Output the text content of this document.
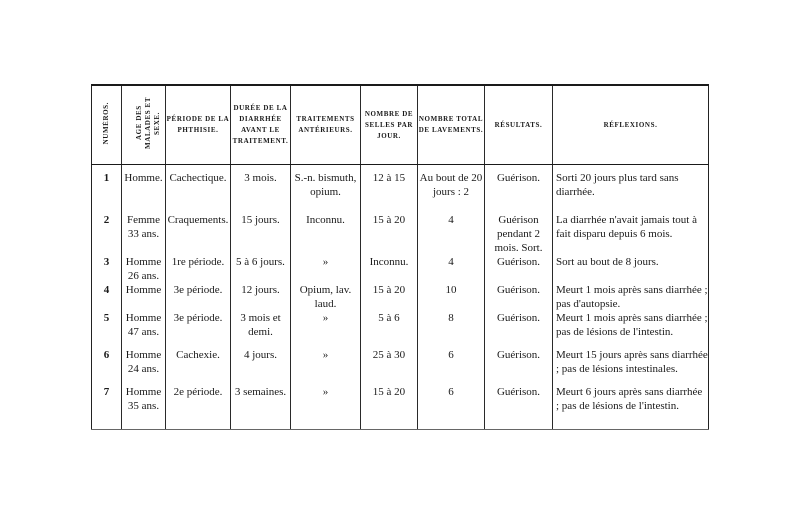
NUMÉROS.	AGE DES MALADES ET SEXE.	PÉRIODE DE LA PHTHISIE.	DURÉE DE LA DIARRHÉE AVANT LE TRAITEMENT.	TRAITEMENTS ANTÉRIEURS.	NOMBRE DE SELLES PAR JOUR.	NOMBRE TOTAL DE LAVEMENTS.	RÉSULTATS.	RÉFLEXIONS.
1	Homme.	Cachectique.	3 mois.	S.-n. bismuth, opium.	12 à 15	Au bout de 20 jours : 2	Guérison.	Sorti 20 jours plus tard sans diarrhée.
2	Femme 33 ans.	Craquements.	15 jours.	Inconnu.	15 à 20	4	Guérison pendant 2 mois. Sort.	La diarrhée n'avait jamais tout à fait disparu depuis 6 mois.
3	Homme 26 ans.	1re période.	5 à 6 jours.	»	Inconnu.	4	Guérison.	Sort au bout de 8 jours.
4	Homme	3e période.	12 jours.	Opium, lav. laud.	15 à 20	10	Guérison.	Meurt 1 mois après sans diarrhée ; pas d'autopsie.
5	Homme 47 ans.	3e période.	3 mois et demi.	»	5 à 6	8	Guérison.	Meurt 1 mois après sans diarrhée ; pas de lésions de l'intestin.
6	Homme 24 ans.	Cachexie.	4 jours.	»	25 à 30	6	Guérison.	Meurt 15 jours après sans diarrhée ; pas de lésions intestinales.
7	Homme 35 ans.	2e période.	3 semaines.	»	15 à 20	6	Guérison.	Meurt 6 jours après sans diarrhée ; pas de lésions de l'intestin.
